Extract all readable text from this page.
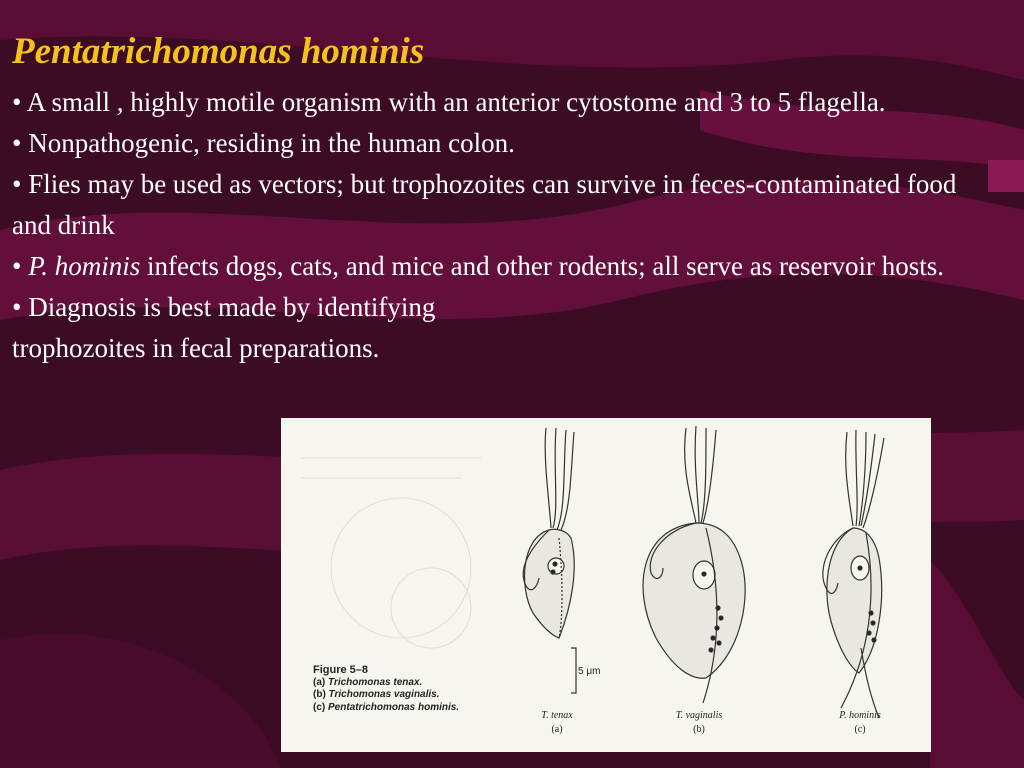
Pentatrichomonas hominis

• A small , highly motile organism with an anterior cytostome and 3 to 5 flagella.

• Nonpathogenic, residing in the human colon.

• Flies may be used as vectors; but trophozoites can survive in feces-contaminated food and drink

• P. hominis infects dogs, cats, and mice and other rodents; all serve as reservoir hosts.

• Diagnosis is best made by identifying trophozoites in fecal preparations.

5 μm
Figure 5–8
(a) Trichomonas tenax.
(b) Trichomonas vaginalis.
(c) Pentatrichomonas hominis.
T. tenax
(a)
T. vaginalis
(b)
P. hominis
(c)
